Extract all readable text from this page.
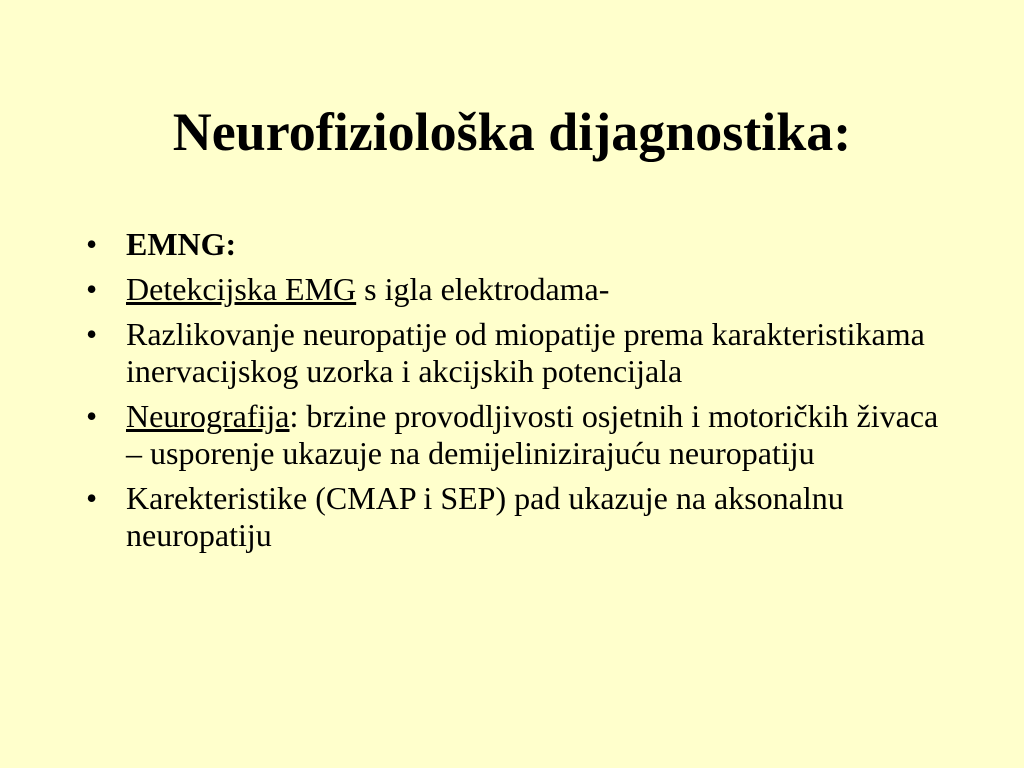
Neurofiziološka dijagnostika:
• EMNG:
• Detekcijska EMG s igla elektrodama-
• Razlikovanje neuropatije od miopatije prema karakteristikama inervacijskog uzorka i akcijskih potencijala
• Neurografija: brzine provodljivosti osjetnih i motoričkih živaca – usporenje ukazuje na demijelinizirajuću neuropatiju
• Karekteristike (CMAP i SEP) pad ukazuje na aksonalnu neuropatiju
